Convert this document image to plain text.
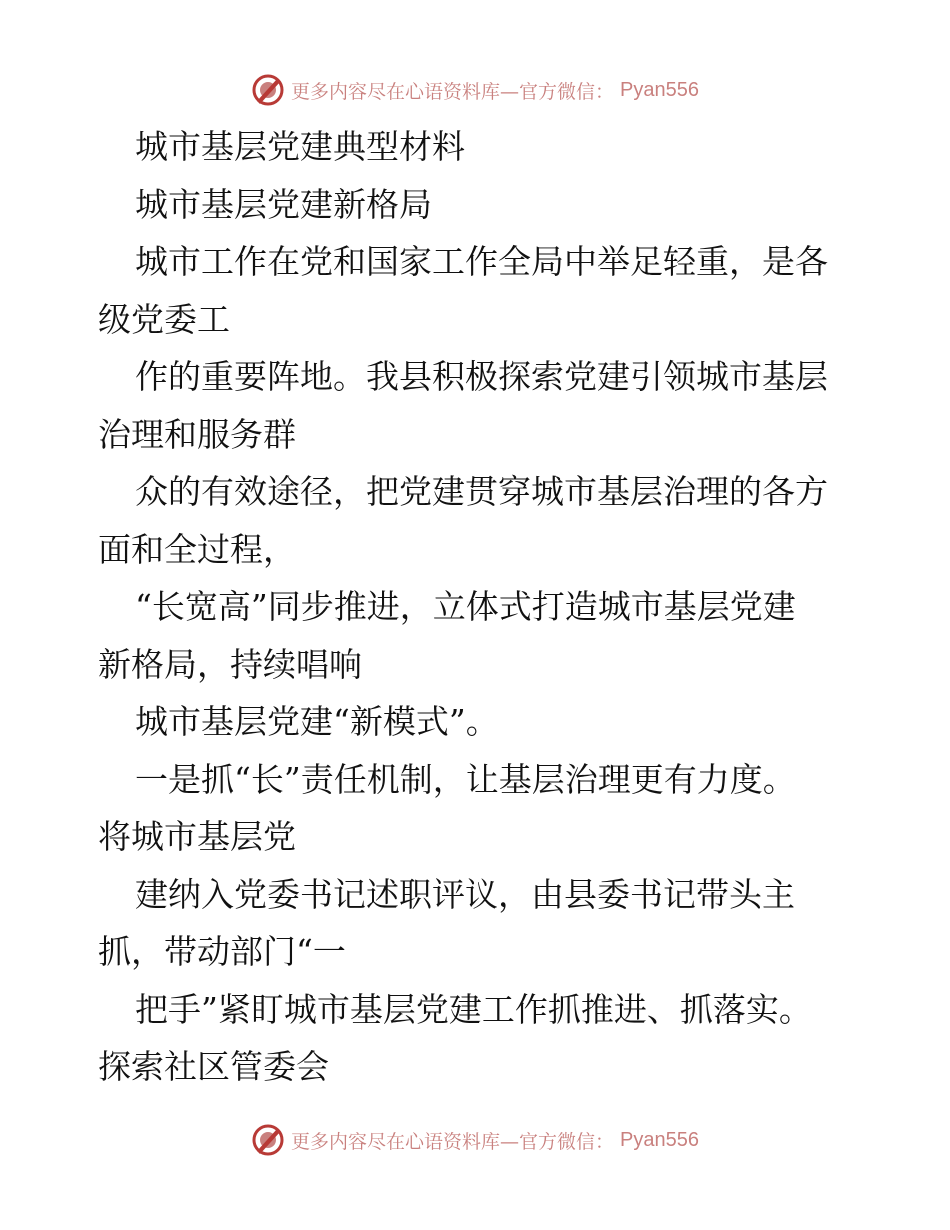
更多内容尽在心语资料库—官方微信： Pyan556
城市基层党建典型材料
城市基层党建新格局
城市工作在党和国家工作全局中举足轻重，是各
级党委工
作的重要阵地。我县积极探索党建引领城市基层
治理和服务群
众的有效途径，把党建贯穿城市基层治理的各方
面和全过程，
“长宽高”同步推进，立体式打造城市基层党建
新格局，持续唱响
城市基层党建“新模式”。
一是抓“长”责任机制，让基层治理更有力度。
将城市基层党
建纳入党委书记述职评议，由县委书记带头主
抓，带动部门“一
把手”紧盯城市基层党建工作抓推进、抓落实。
探索社区管委会
更多内容尽在心语资料库—官方微信： Pyan556
